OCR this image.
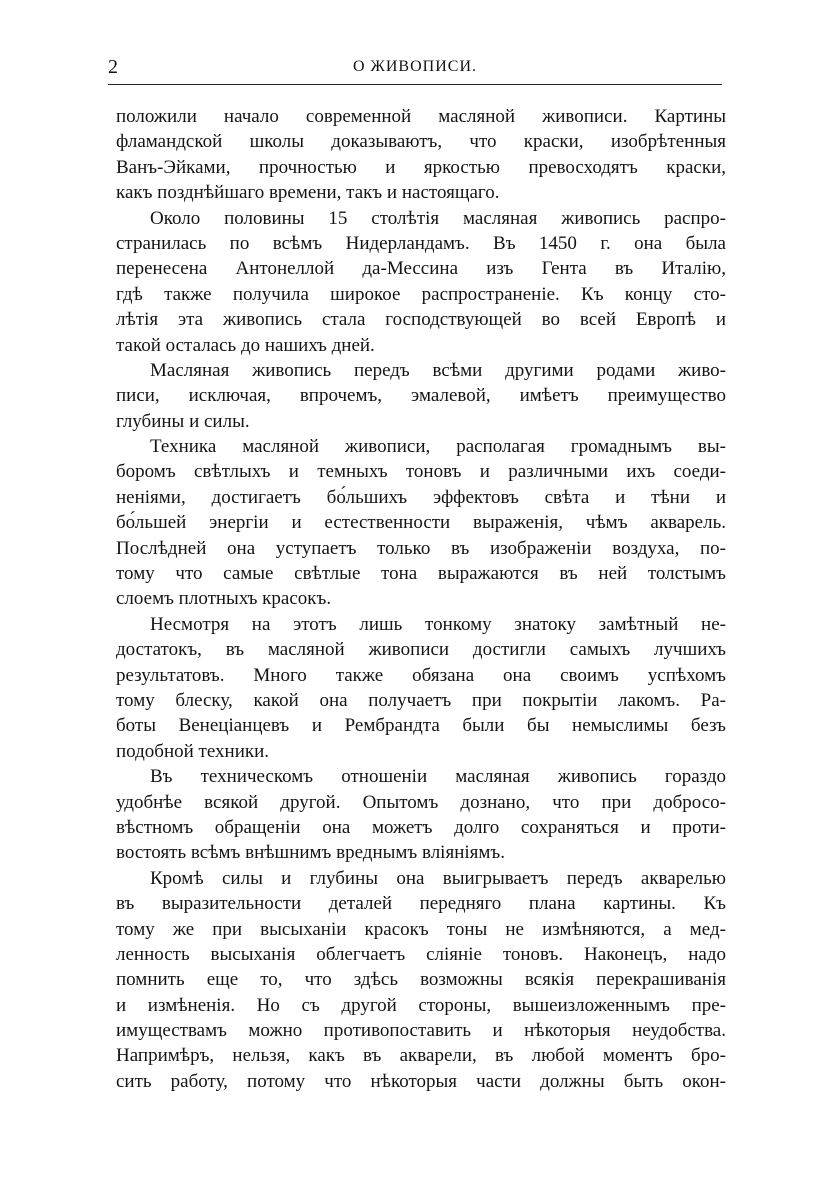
2	О ЖИВОПИСИ.
положили начало современной масляной живописи. Картины
фламандской школы доказываютъ, что краски, изобрѣтенныя
Ванъ-Эйками, прочностью и яркостью превосходятъ краски,
какъ позднѣйшаго времени, такъ и настоящаго.
Около половины 15 столѣтія масляная живопись распро-
странилась по всѣмъ Нидерландамъ. Въ 1450 г. она была
перенесена Антонеллой да-Мессина изъ Гента въ Италію,
гдѣ также получила широкое распространеніе. Къ концу сто-
лѣтія эта живопись стала господствующей во всей Европѣ и
такой осталась до нашихъ дней.
Масляная живопись передъ всѣми другими родами живо-
писи, исключая, впрочемъ, эмалевой, имѣетъ преимущество
глубины и силы.
Техника масляной живописи, располагая громаднымъ вы-
боромъ свѣтлыхъ и темныхъ тоновъ и различными ихъ соеди-
неніями, достигаетъ бо́льшихъ эффектовъ свѣта и тѣни и
бо́льшей энергіи и естественности выраженія, чѣмъ акварель.
Послѣдней она уступаетъ только въ изображеніи воздуха, по-
тому что самые свѣтлые тона выражаются въ ней толстымъ
слоемъ плотныхъ красокъ.
Несмотря на этотъ лишь тонкому знатоку замѣтный не-
достатокъ, въ масляной живописи достигли самыхъ лучшихъ
результатовъ. Много также обязана она своимъ успѣхомъ
тому блеску, какой она получаетъ при покрытіи лакомъ. Ра-
боты Венеціанцевъ и Рембрандта были бы немыслимы безъ
подобной техники.
Въ техническомъ отношеніи масляная живопись гораздо
удобнѣе всякой другой. Опытомъ дознано, что при добросо-
вѣстномъ обращеніи она можетъ долго сохраняться и проти-
востоять всѣмъ внѣшнимъ вреднымъ вліяніямъ.
Кромѣ силы и глубины она выигрываетъ передъ акварелью
въ выразительности деталей передняго плана картины. Къ
тому же при высыханіи красокъ тоны не измѣняются, а мед-
ленность высыханія облегчаетъ сліяніе тоновъ. Наконецъ, надо
помнить еще то, что здѣсь возможны всякія перекрашиванія
и измѣненія. Но съ другой стороны, вышеизложеннымъ пре-
имуществамъ можно противопоставить и нѣкоторыя неудобства.
Напримѣръ, нельзя, какъ въ акварели, въ любой моментъ бро-
сить работу, потому что нѣкоторыя части должны быть окон-
